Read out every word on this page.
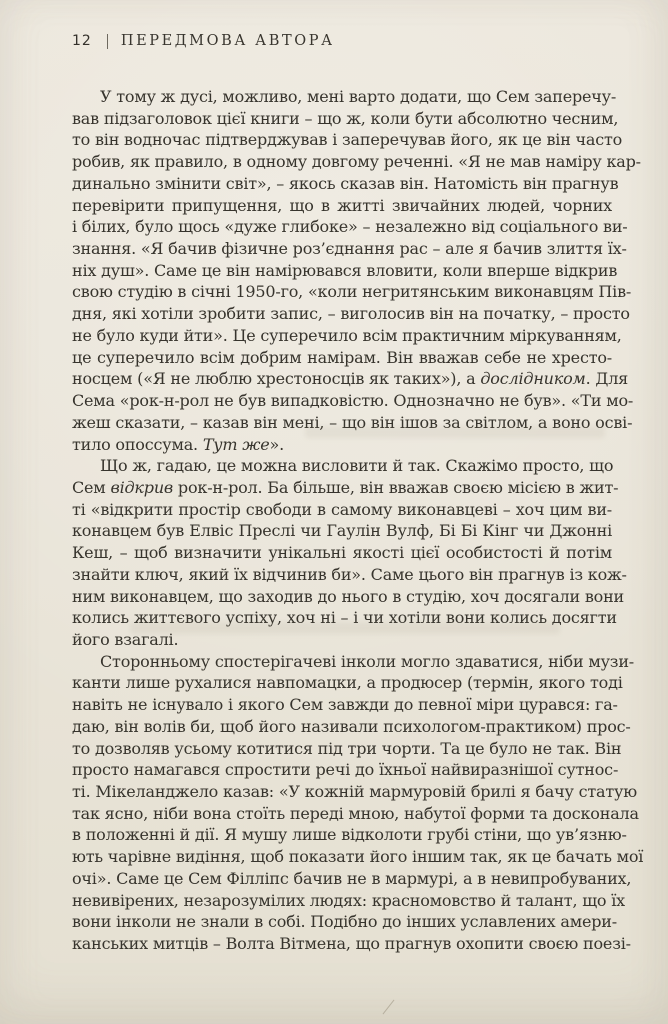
12 ПЕРЕДМОВА АВТОРА
У тому ж дусі, можливо, мені варто додати, що Сем заперечу-
вав підзаголовок цієї книги – що ж, коли бути абсолютно чесним,
то він водночас підтверджував і заперечував його, як це він часто
робив, як правило, в одному довгому реченні. «Я не мав наміру кар-
динально змінити світ», – якось сказав він. Натомість він прагнув
перевірити припущення, що в житті звичайних людей, чорних
і білих, було щось «дуже глибоке» – незалежно від соціального ви-
знання. «Я бачив фізичне роз’єднання рас – але я бачив злиття їх-
ніх душ». Саме це він намірювався вловити, коли вперше відкрив
свою студію в січні 1950-го, «коли негритянським виконавцям Пів-
дня, які хотіли зробити запис, – виголосив він на початку, – просто
не було куди йти». Це суперечило всім практичним міркуванням,
це суперечило всім добрим намірам. Він вважав себе не хресто-
носцем («Я не люблю хрестоносців як таких»), а дослідником. Для
Сема «рок-н-рол не був випадковістю. Однозначно не був». «Ти мо-
жеш сказати, – казав він мені, – що він ішов за світлом, а воно осві-
тило опоссума. Тут же».
Що ж, гадаю, це можна висловити й так. Скажімо просто, що
Сем відкрив рок-н-рол. Ба більше, він вважав своєю місією в жит-
ті «відкрити простір свободи в самому виконавцеві – хоч цим ви-
конавцем був Елвіс Преслі чи Гаулін Вулф, Бі Бі Кінг чи Джонні
Кеш, – щоб визначити унікальні якості цієї особистості й потім
знайти ключ, який їх відчинив би». Саме цього він прагнув із кож-
ним виконавцем, що заходив до нього в студію, хоч досягали вони
колись життєвого успіху, хоч ні – і чи хотіли вони колись досягти
його взагалі.
Сторонньому спостерігачеві інколи могло здаватися, ніби музи-
канти лише рухалися навпомацки, а продюсер (термін, якого тоді
навіть не існувало і якого Сем завжди до певної міри цурався: га-
даю, він волів би, щоб його називали психологом-практиком) прос-
то дозволяв усьому котитися під три чорти. Та це було не так. Він
просто намагався спростити речі до їхньої найвиразнішої сутнос-
ті. Мікеланджело казав: «У кожній мармуровій брилі я бачу статую
так ясно, ніби вона стоїть переді мною, набутої форми та досконала
в положенні й дії. Я мушу лише відколоти грубі стіни, що ув’язню-
ють чарівне видіння, щоб показати його іншим так, як це бачать мої
очі». Саме це Сем Філліпс бачив не в мармурі, а в невипробуваних,
невивірених, незарозумілих людях: красномовство й талант, що їх
вони інколи не знали в собі. Подібно до інших уславлених амери-
канських митців – Волта Вітмена, що прагнув охопити своєю поезі-
